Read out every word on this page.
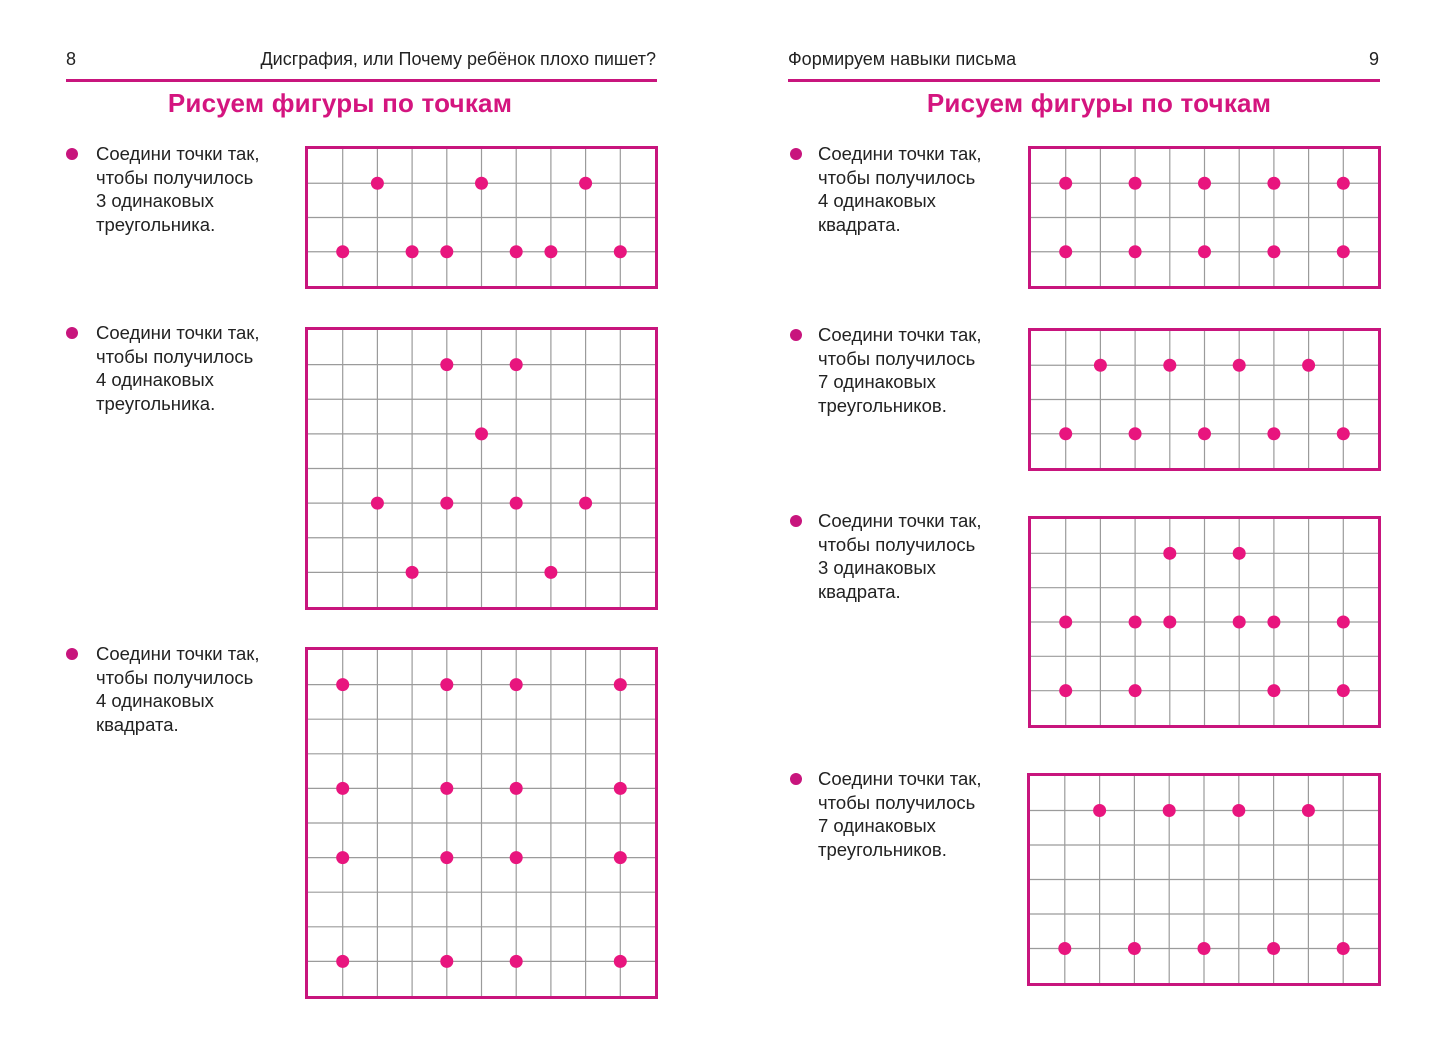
8	Дисграфия, или Почему ребёнок плохо пишет?
Рисуем фигуры по точкам
Соедини точки так,
чтобы получилось
3 одинаковых
треугольника.
Соедини точки так,
чтобы получилось
4 одинаковых
треугольника.
Соедини точки так,
чтобы получилось
4 одинаковых
квадрата.
Формируем навыки письма	9
Рисуем фигуры по точкам
Соедини точки так,
чтобы получилось
4 одинаковых
квадрата.
Соедини точки так,
чтобы получилось
7 одинаковых
треугольников.
Соедини точки так,
чтобы получилось
3 одинаковых
квадрата.
Соедини точки так,
чтобы получилось
7 одинаковых
треугольников.
